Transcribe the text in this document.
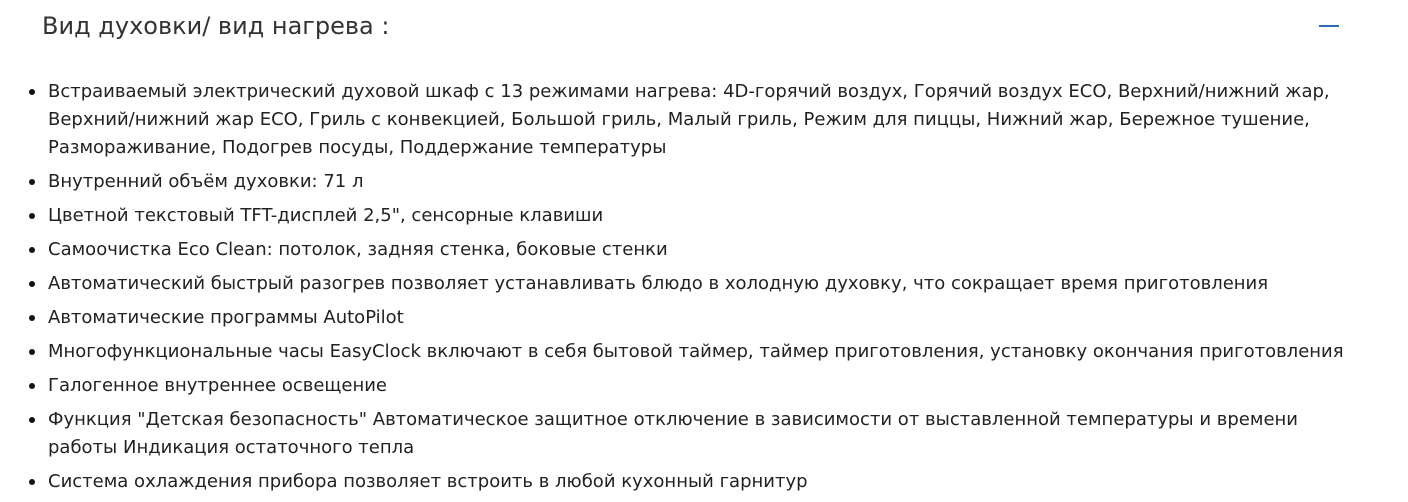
Вид духовки/ вид нагрева :
Встраиваемый электрический духовой шкаф с 13 режимами нагрева: 4D-горячий воздух, Горячий воздух ECO, Верхний/нижний жар, Верхний/нижний жар ECO, Гриль с конвекцией, Большой гриль, Малый гриль, Режим для пиццы, Нижний жар, Бережное тушение, Размораживание, Подогрев посуды, Поддержание температуры
Внутренний объём духовки: 71 л
Цветной текстовый TFT-дисплей 2,5", сенсорные клавиши
Самоочистка Eco Clean: потолок, задняя стенка, боковые стенки
Автоматический быстрый разогрев позволяет устанавливать блюдо в холодную духовку, что сокращает время приготовления
Автоматические программы AutoPilot
Многофункциональные часы EasyClock включают в себя бытовой таймер, таймер приготовления, установку окончания приготовления
Галогенное внутреннее освещение
Функция "Детская безопасность" Автоматическое защитное отключение в зависимости от выставленной температуры и времени работы Индикация остаточного тепла
Система охлаждения прибора позволяет встроить в любой кухонный гарнитур
